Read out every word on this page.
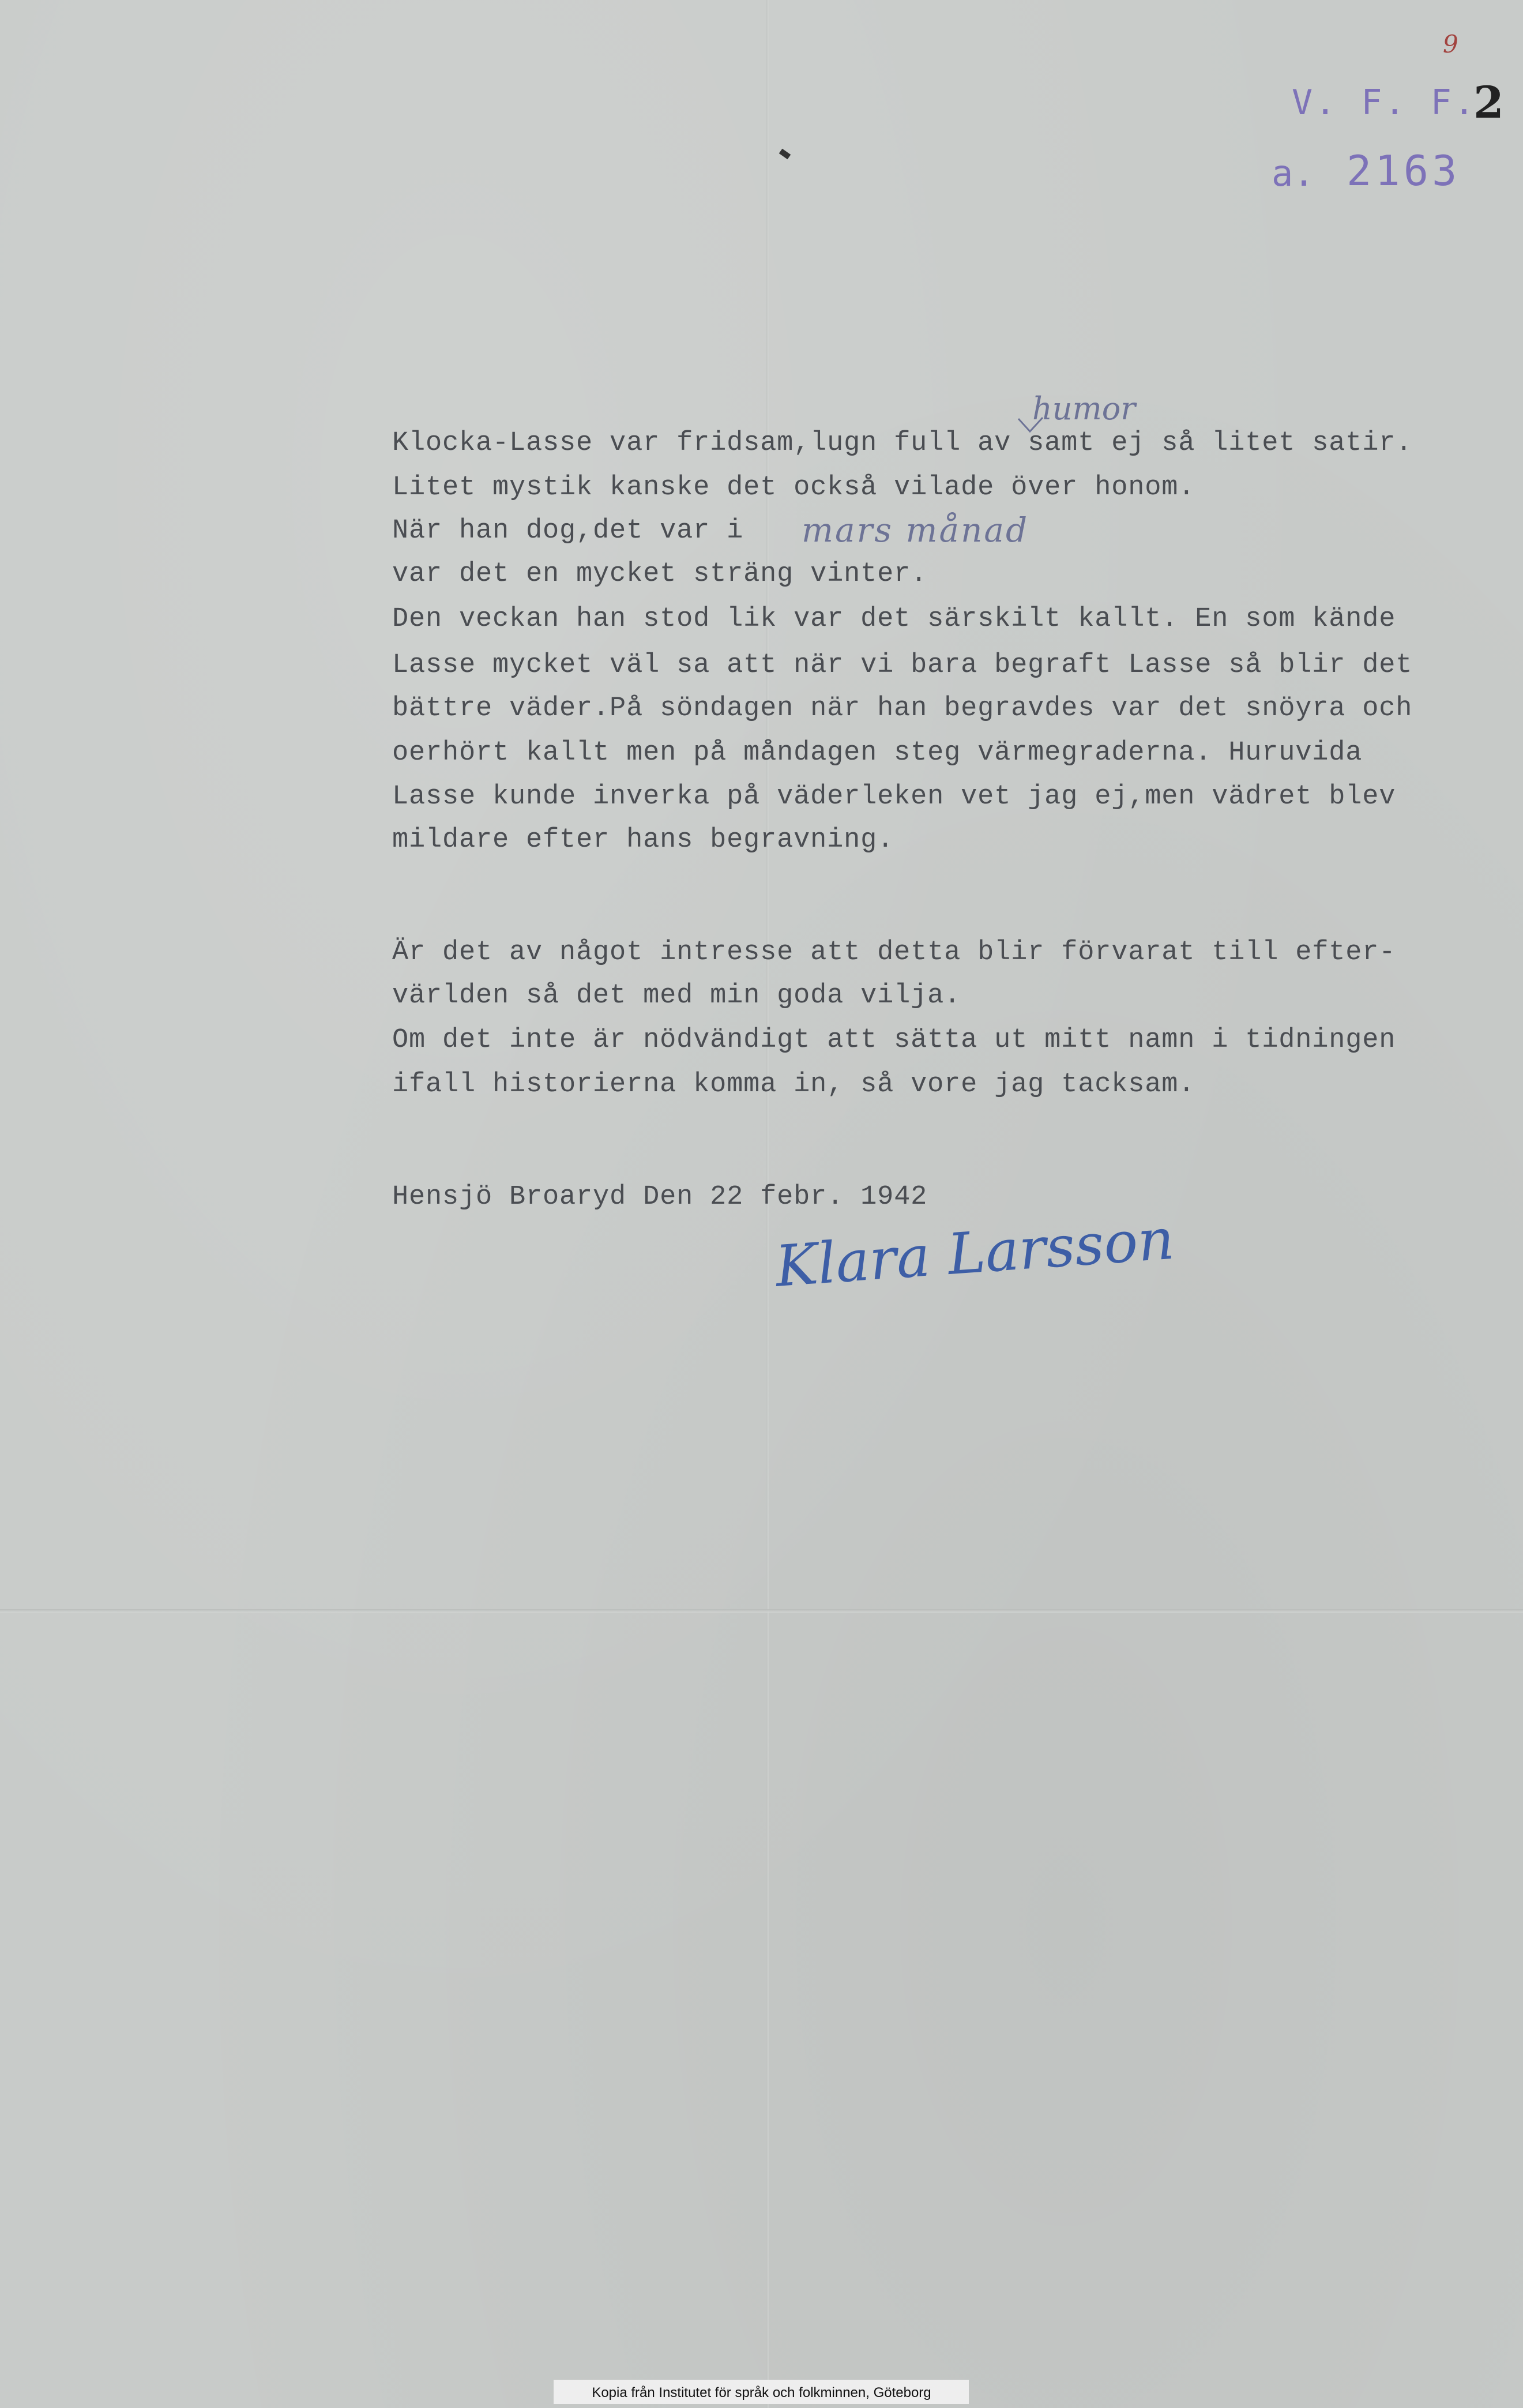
9
V. F. F.
2
a. 2163
Klocka-Lasse var fridsam,lugn full av samt ej så litet satir.
Litet mystik kanske det också vilade över honom.
När han dog,det var i
var det en mycket sträng vinter.
Den veckan han stod lik var det särskilt kallt. En som kände
Lasse mycket väl sa att när vi bara begraft Lasse så blir det
bättre väder.På söndagen när han begravdes var det snöyra och
oerhört kallt men på måndagen steg värmegraderna. Huruvida
Lasse kunde inverka på väderleken vet jag ej,men vädret blev
mildare efter hans begravning.
Är det av något intresse att detta blir förvarat till efter-
världen så det med min goda vilja.
Om det inte är nödvändigt att sätta ut mitt namn i tidningen
ifall historierna komma in, så vore jag tacksam.
Hensjö Broaryd Den 22 febr. 1942
humor
mars månad
Klara Larsson
Kopia från Institutet för språk och folkminnen, Göteborg
